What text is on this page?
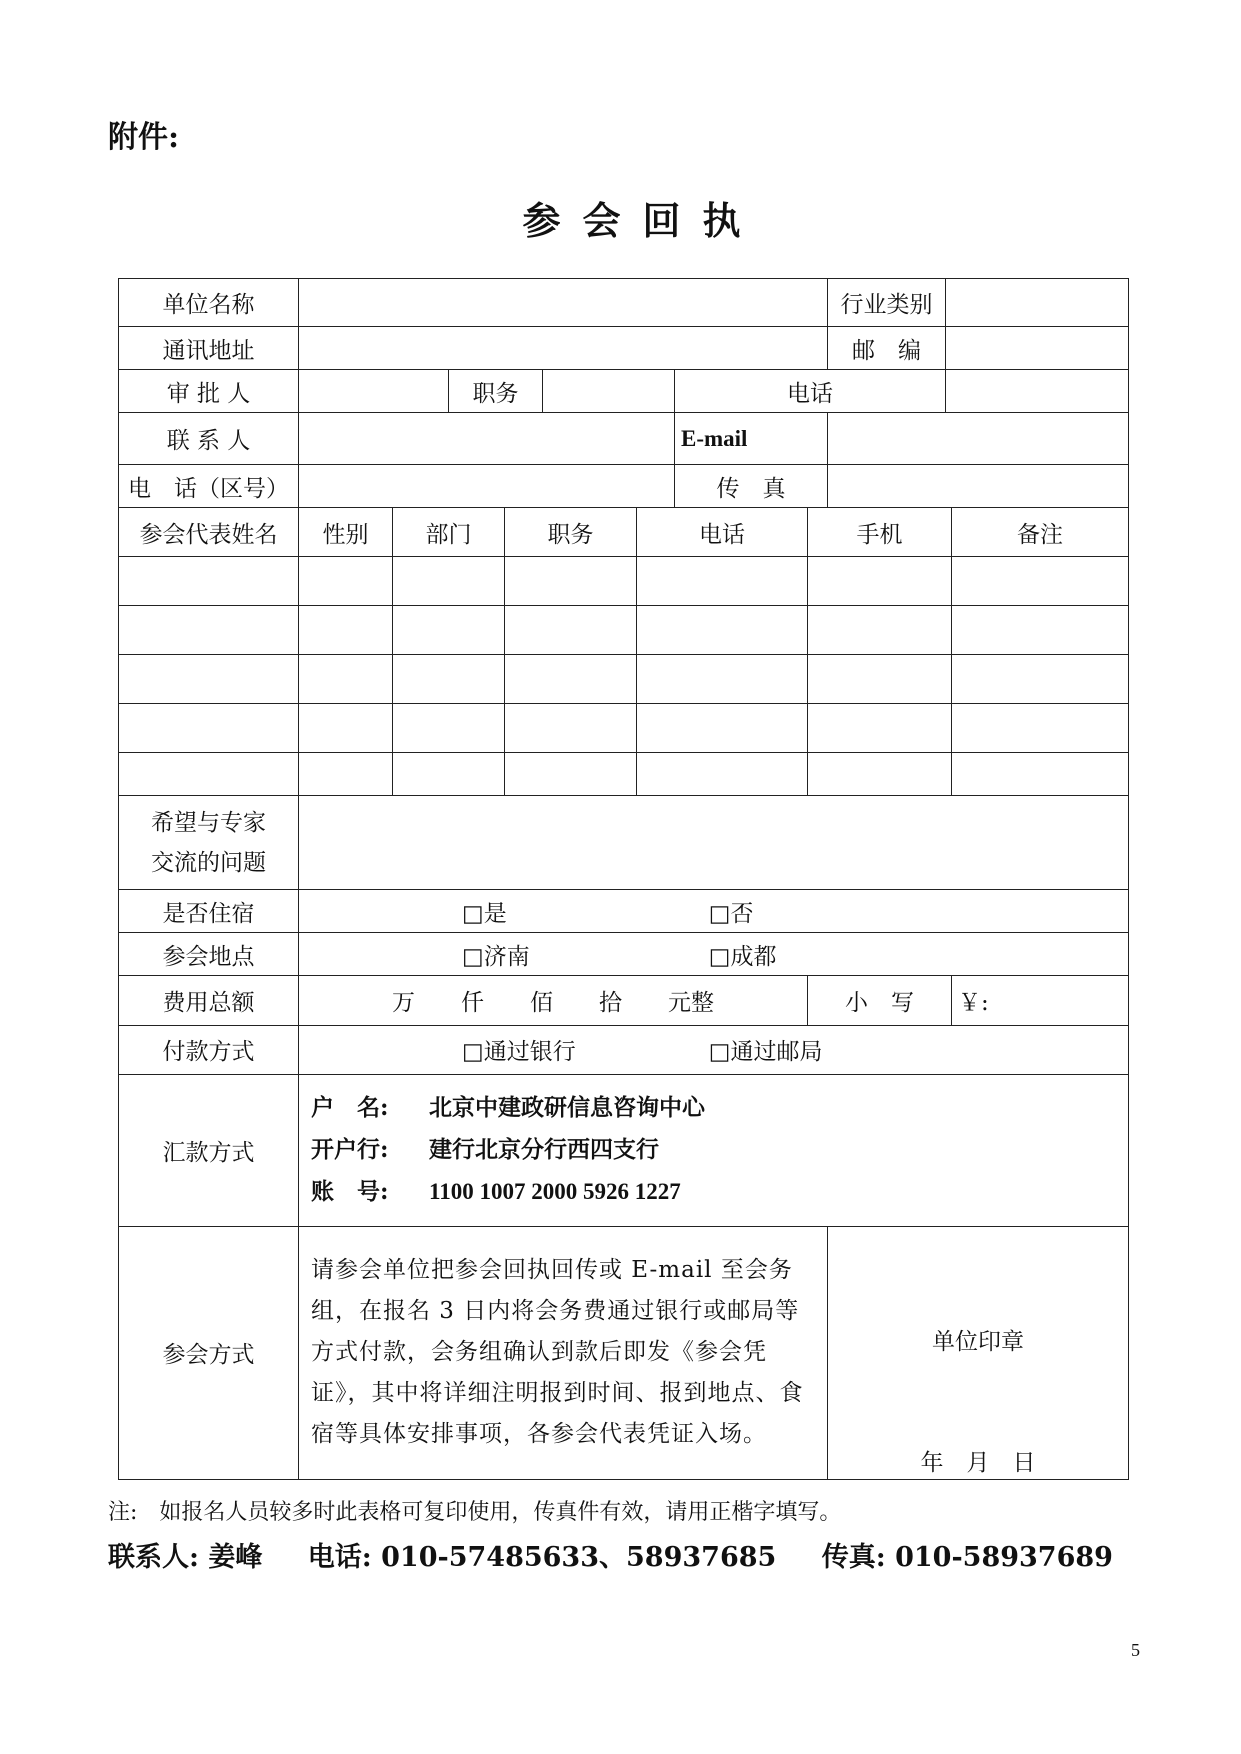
附件:
参会回执
单位名称									行业类别		
通讯地址									邮　编		
审 批 人			职务				电话				
联 系 人							E-mail				
电　话（区号）							传　真				
参会代表姓名	性别	部门		职务		电话		手机			备注

希望与专家
交流的问题											

是否住宿	□是 □ 否
参会地点	□济南 □ 成都
费用总额	万　　仟　　佰　　拾　　元整							小　写			￥:
付款方式	□通过银行 □ 通过邮局
汇款方式	户　名: 北京中建政研信息咨询中心
开户行: 建行北京分行西四支行
账　号: 1100 1007 2000 5926 1227										

参会方式	请参会单位把参会回执回传或 E-mail 至会务组，在报名 3 日内将会务费通过银行或邮局等方式付款，会务组确认到款后即发《参会凭证》，其中将详细注明报到时间、报到地点、食宿等具体安排事项，各参会代表凭证入场。								单位印章
年　月　日		
注:　如报名人员较多时此表格可复印使用，传真件有效，请用正楷字填写。
联系人: 姜峰 电话: 010-57485633、58937685 传真: 010-58937689
5
